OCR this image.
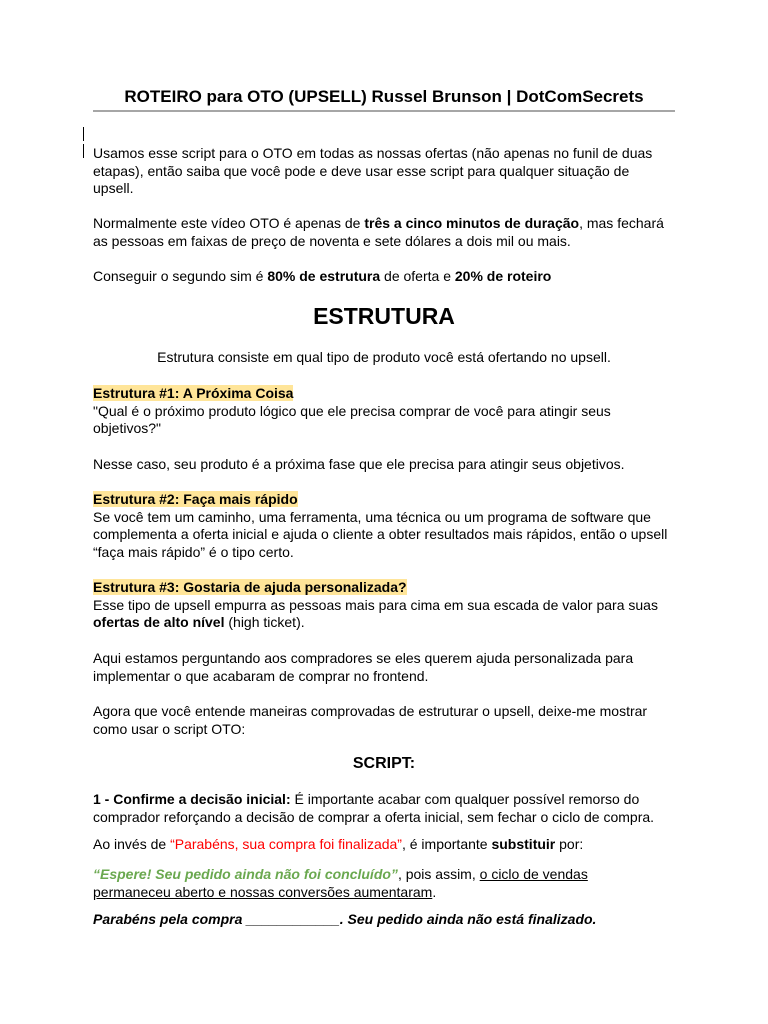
ROTEIRO para OTO (UPSELL) Russel Brunson | DotComSecrets

Usamos esse script para o OTO em todas as nossas ofertas (não apenas no funil de duas
etapas), então saiba que você pode e deve usar esse script para qualquer situação de
upsell.

Normalmente este vídeo OTO é apenas de três a cinco minutos de duração, mas fechará
as pessoas em faixas de preço de noventa e sete dólares a dois mil ou mais.

Conseguir o segundo sim é 80% de estrutura de oferta e 20% de roteiro

ESTRUTURA

Estrutura consiste em qual tipo de produto você está ofertando no upsell.

Estrutura #1: A Próxima Coisa
"Qual é o próximo produto lógico que ele precisa comprar de você para atingir seus
objetivos?"

Nesse caso, seu produto é a próxima fase que ele precisa para atingir seus objetivos.

Estrutura #2: Faça mais rápido
Se você tem um caminho, uma ferramenta, uma técnica ou um programa de software que
complementa a oferta inicial e ajuda o cliente a obter resultados mais rápidos, então o upsell
“faça mais rápido” é o tipo certo.

Estrutura #3: Gostaria de ajuda personalizada?
Esse tipo de upsell empurra as pessoas mais para cima em sua escada de valor para suas
ofertas de alto nível (high ticket).

Aqui estamos perguntando aos compradores se eles querem ajuda personalizada para
implementar o que acabaram de comprar no frontend.

Agora que você entende maneiras comprovadas de estruturar o upsell, deixe-me mostrar
como usar o script OTO:

SCRIPT:

1 - Confirme a decisão inicial: É importante acabar com qualquer possível remorso do
comprador reforçando a decisão de comprar a oferta inicial, sem fechar o ciclo de compra.

Ao invés de “Parabéns, sua compra foi finalizada”, é importante substituir por:

“Espere! Seu pedido ainda não foi concluído”, pois assim, o ciclo de vendas
permaneceu aberto e nossas conversões aumentaram.

Parabéns pela compra ____________. Seu pedido ainda não está finalizado.
